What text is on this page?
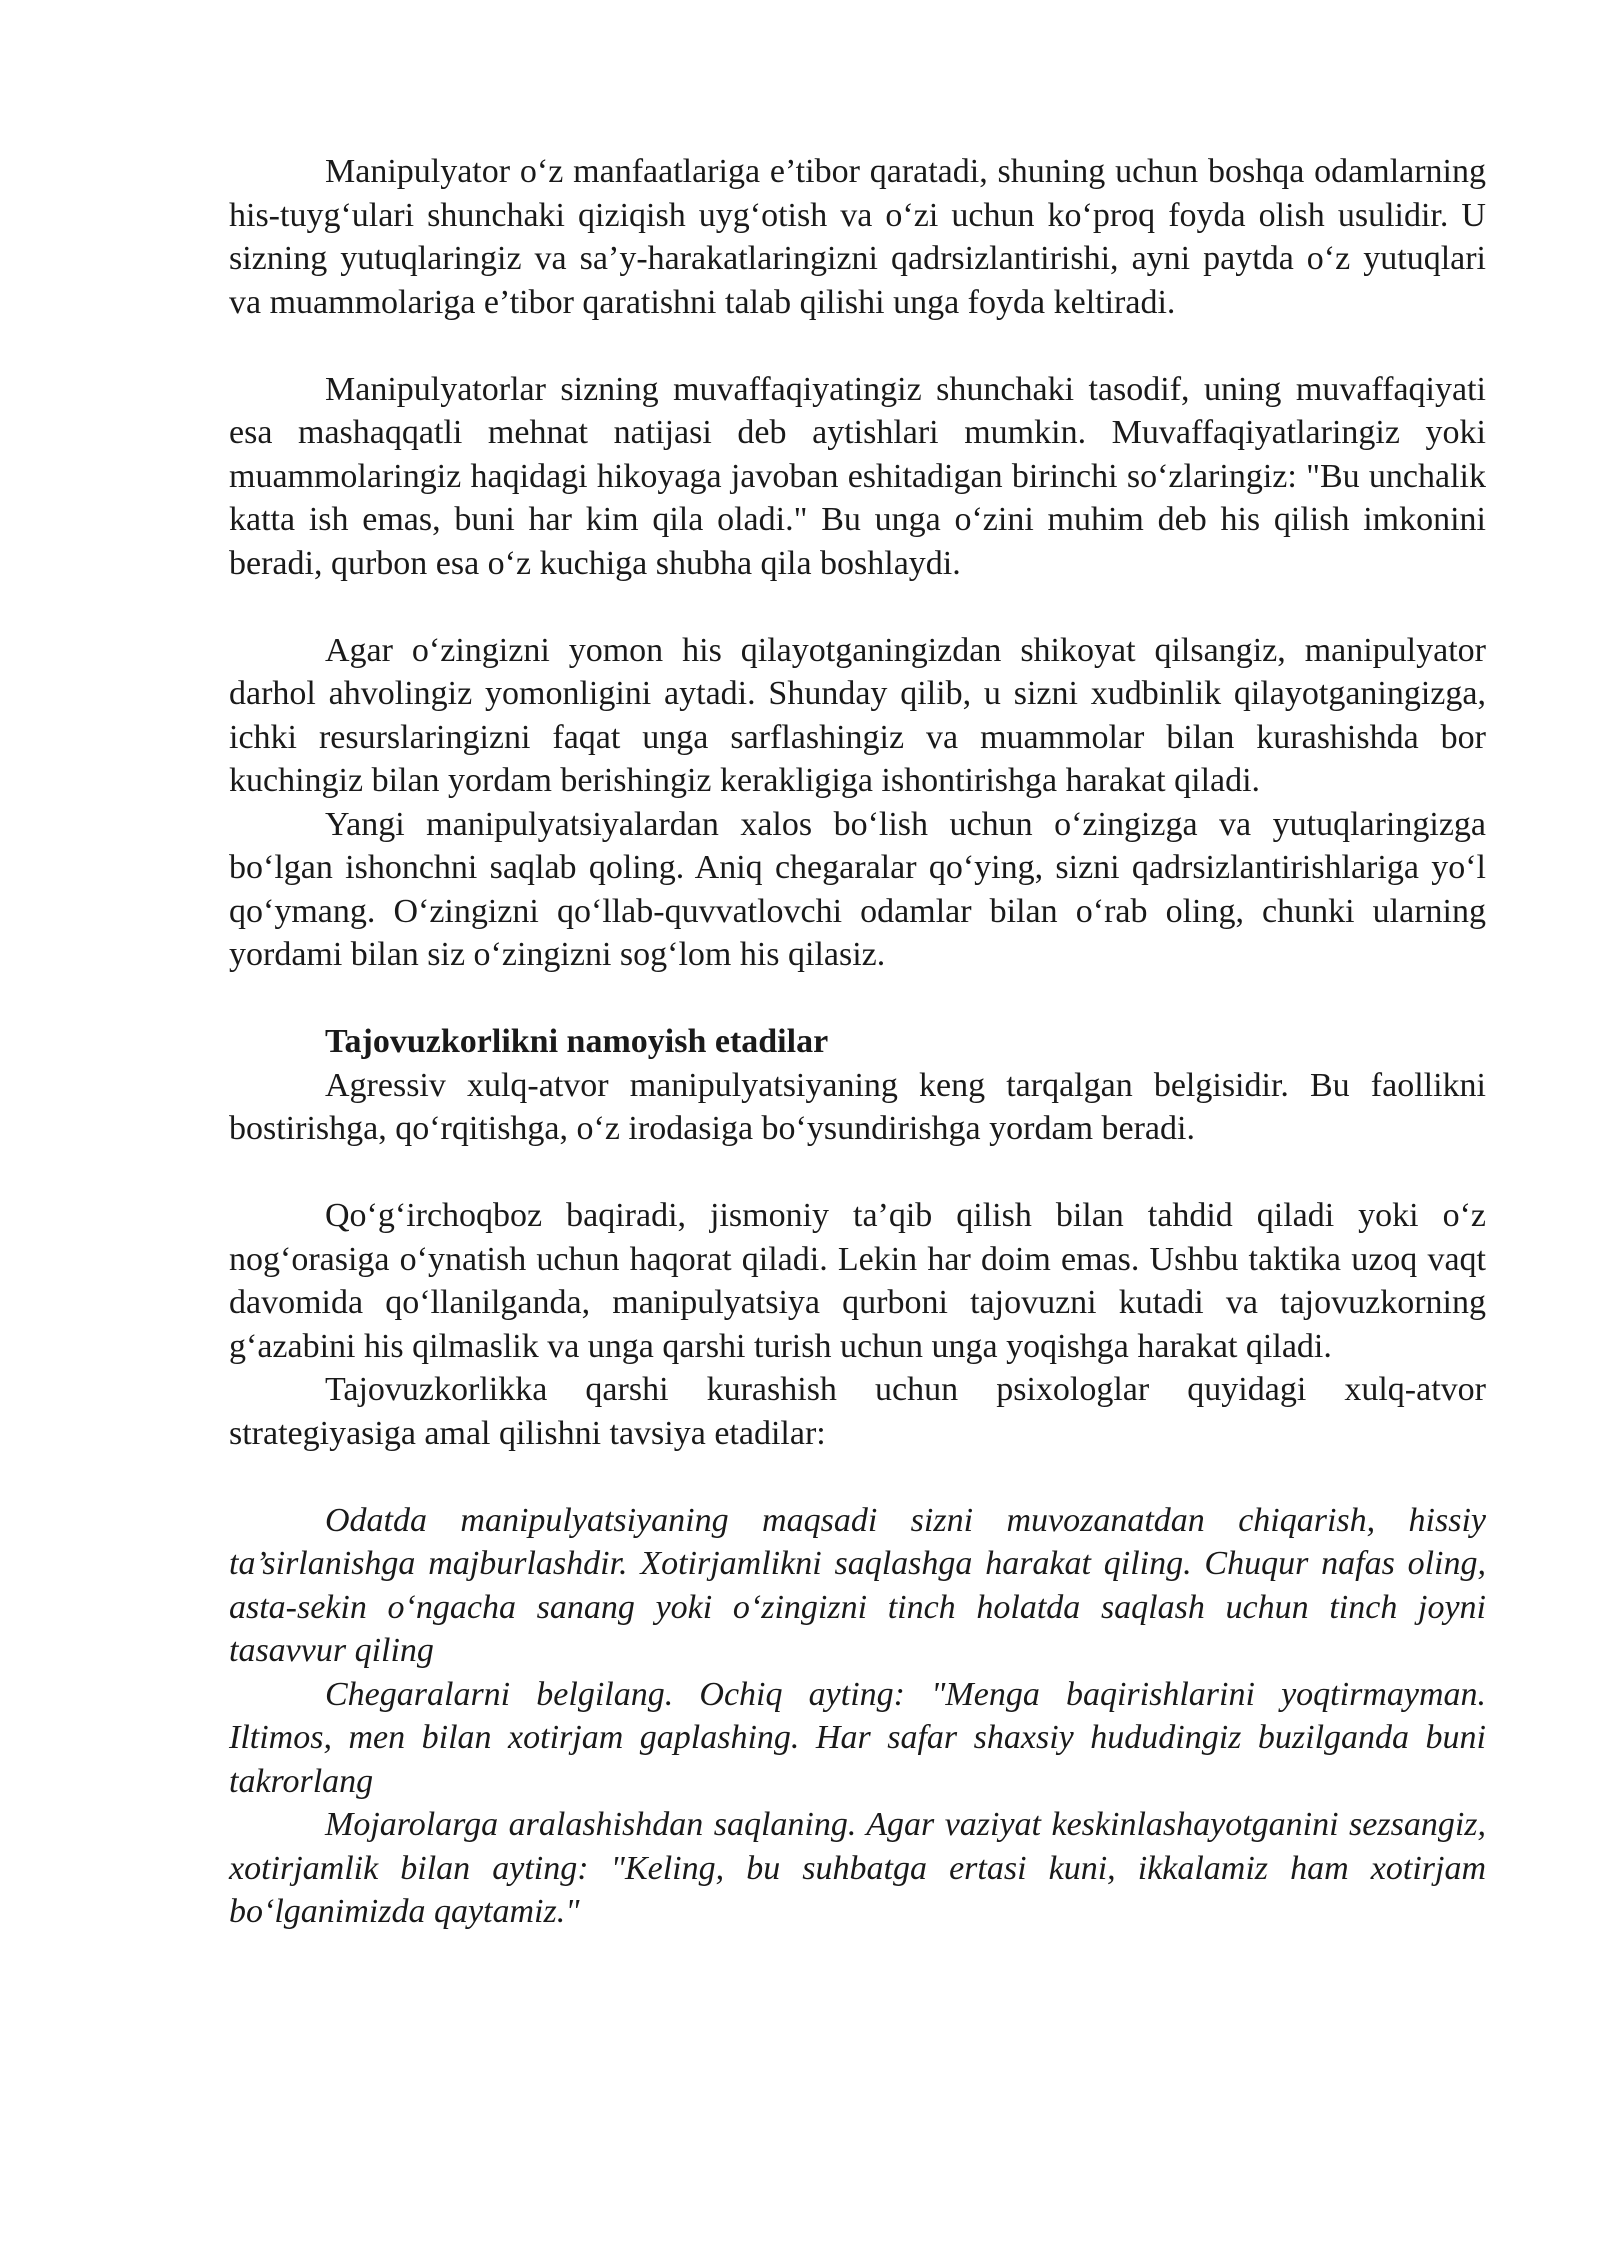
Manipulyator o‘z manfaatlariga e’tibor qaratadi, shuning uchun boshqa odamlarning his-tuyg‘ulari shunchaki qiziqish uyg‘otish va o‘zi uchun ko‘proq foyda olish usulidir. U sizning yutuqlaringiz va sa’y-harakatlaringizni qadrsizlantirishi, ayni paytda o‘z yutuqlari va muammolariga e’tibor qaratishni talab qilishi unga foyda keltiradi.

Manipulyatorlar sizning muvaffaqiyatingiz shunchaki tasodif, uning muvaffaqiyati esa mashaqqatli mehnat natijasi deb aytishlari mumkin. Muvaffaqiyatlaringiz yoki muammolaringiz haqidagi hikoyaga javoban eshitadigan birinchi so‘zlaringiz: "Bu unchalik katta ish emas, buni har kim qila oladi." Bu unga o‘zini muhim deb his qilish imkonini beradi, qurbon esa o‘z kuchiga shubha qila boshlaydi.

Agar o‘zingizni yomon his qilayotganingizdan shikoyat qilsangiz, manipulyator darhol ahvolingiz yomonligini aytadi. Shunday qilib, u sizni xudbinlik qilayotganingizga, ichki resurslaringizni faqat unga sarflashingiz va muammolar bilan kurashishda bor kuchingiz bilan yordam berishingiz kerakligiga ishontirishga harakat qiladi.

Yangi manipulyatsiyalardan xalos bo‘lish uchun o‘zingizga va yutuqlaringizga bo‘lgan ishonchni saqlab qoling. Aniq chegaralar qo‘ying, sizni qadrsizlantirishlariga yo‘l qo‘ymang. O‘zingizni qo‘llab-quvvatlovchi odamlar bilan o‘rab oling, chunki ularning yordami bilan siz o‘zingizni sog‘lom his qilasiz.

Tajovuzkorlikni namoyish etadilar

Agressiv xulq-atvor manipulyatsiyaning keng tarqalgan belgisidir. Bu faollikni bostirishga, qo‘rqitishga, o‘z irodasiga bo‘ysundirishga yordam beradi.

Qo‘g‘irchoqboz baqiradi, jismoniy ta’qib qilish bilan tahdid qiladi yoki o‘z nog‘orasiga o‘ynatish uchun haqorat qiladi. Lekin har doim emas. Ushbu taktika uzoq vaqt davomida qo‘llanilganda, manipulyatsiya qurboni tajovuzni kutadi va tajovuzkorning g‘azabini his qilmaslik va unga qarshi turish uchun unga yoqishga harakat qiladi.

Tajovuzkorlikka qarshi kurashish uchun psixologlar quyidagi xulq-atvor strategiyasiga amal qilishni tavsiya etadilar:

Odatda manipulyatsiyaning maqsadi sizni muvozanatdan chiqarish, hissiy ta’sirlanishga majburlashdir. Xotirjamlikni saqlashga harakat qiling. Chuqur nafas oling, asta-sekin o‘ngacha sanang yoki o‘zingizni tinch holatda saqlash uchun tinch joyni tasavvur qiling

Chegaralarni belgilang. Ochiq ayting: "Menga baqirishlarini yoqtirmayman. Iltimos, men bilan xotirjam gaplashing. Har safar shaxsiy hududingiz buzilganda buni takrorlang

Mojarolarga aralashishdan saqlaning. Agar vaziyat keskinlashayotganini sezsangiz, xotirjamlik bilan ayting: "Keling, bu suhbatga ertasi kuni, ikkalamiz ham xotirjam bo‘lganimizda qaytamiz."
